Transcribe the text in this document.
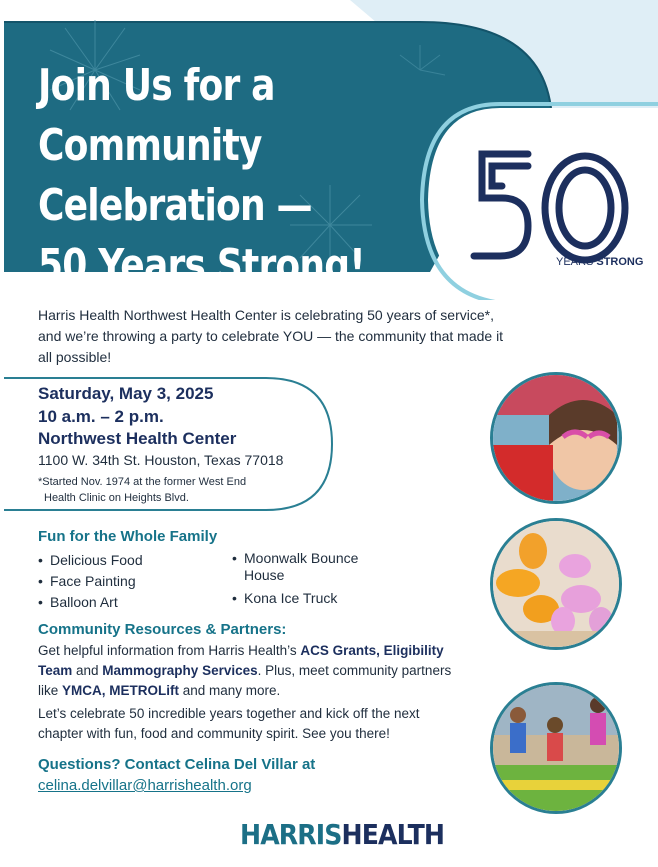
Join Us for a Community
Celebration —
50 Years Strong!	YEARS STRONG

Harris Health Northwest Health Center is celebrating 50 years of service*, and we’re throwing a party to celebrate YOU — the community that made it all possible!

Saturday, May 3, 2025
10 a.m. – 2 p.m.
Northwest Health Center
1100 W. 34th St. Houston, Texas 77018

*Started Nov. 1974 at the former West End
Health Clinic on Heights Blvd.

Fun for the Whole Family
• Delicious Food
• Face Painting
• Balloon Art
• Moonwalk Bounce House
• Kona Ice Truck
Community Resources & Partners:

Get helpful information from Harris Health’s ACS Grants, Eligibility Team and Mammography Services. Plus, meet community partners like YMCA, METROLift and many more.

Let’s celebrate 50 incredible years together and kick off the next chapter with fun, food and community spirit. See you there!

Questions? Contact Celina Del Villar at
celina.delvillar@harrishealth.org
HARRISHEALTH
